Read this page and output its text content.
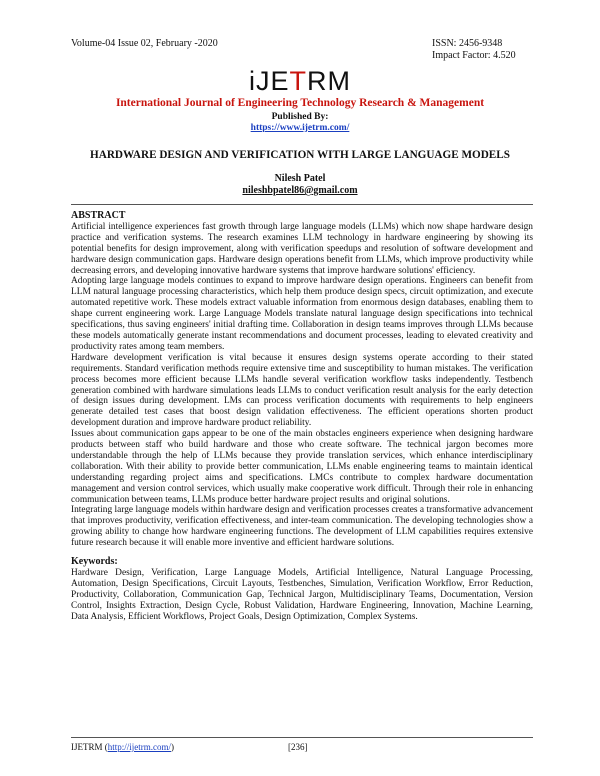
Volume-04 Issue 02, February -2020	ISSN: 2456-9348
Impact Factor: 4.520
iJETRM
International Journal of Engineering Technology Research & Management
Published By:
https://www.ijetrm.com/
HARDWARE DESIGN AND VERIFICATION WITH LARGE LANGUAGE MODELS
Nilesh Patel
nileshbpatel86@gmail.com
ABSTRACT

Artificial intelligence experiences fast growth through large language models (LLMs) which now shape hardware design practice and verification systems. The research examines LLM technology in hardware engineering by showing its potential benefits for design improvement, along with verification speedups and resolution of software development and hardware design communication gaps. Hardware design operations benefit from LLMs, which improve productivity while decreasing errors, and developing innovative hardware systems that improve hardware solutions' efficiency.

Adopting large language models continues to expand to improve hardware design operations. Engineers can benefit from LLM natural language processing characteristics, which help them produce design specs, circuit optimization, and execute automated repetitive work. These models extract valuable information from enormous design databases, enabling them to shape current engineering work. Large Language Models translate natural language design specifications into technical specifications, thus saving engineers' initial drafting time. Collaboration in design teams improves through LLMs because these models automatically generate instant recommendations and document processes, leading to elevated creativity and productivity rates among team members.

Hardware development verification is vital because it ensures design systems operate according to their stated requirements. Standard verification methods require extensive time and susceptibility to human mistakes. The verification process becomes more efficient because LLMs handle several verification workflow tasks independently. Testbench generation combined with hardware simulations leads LLMs to conduct verification result analysis for the early detection of design issues during development. LMs can process verification documents with requirements to help engineers generate detailed test cases that boost design validation effectiveness. The efficient operations shorten product development duration and improve hardware product reliability.

Issues about communication gaps appear to be one of the main obstacles engineers experience when designing hardware products between staff who build hardware and those who create software. The technical jargon becomes more understandable through the help of LLMs because they provide translation services, which enhance interdisciplinary collaboration. With their ability to provide better communication, LLMs enable engineering teams to maintain identical understanding regarding project aims and specifications. LMCs contribute to complex hardware documentation management and version control services, which usually make cooperative work difficult. Through their role in enhancing communication between teams, LLMs produce better hardware project results and original solutions.

Integrating large language models within hardware design and verification processes creates a transformative advancement that improves productivity, verification effectiveness, and inter-team communication. The developing technologies show a growing ability to change how hardware engineering functions. The development of LLM capabilities requires extensive future research because it will enable more inventive and efficient hardware solutions.

Keywords:

Hardware Design, Verification, Large Language Models, Artificial Intelligence, Natural Language Processing, Automation, Design Specifications, Circuit Layouts, Testbenches, Simulation, Verification Workflow, Error Reduction, Productivity, Collaboration, Communication Gap, Technical Jargon, Multidisciplinary Teams, Documentation, Version Control, Insights Extraction, Design Cycle, Robust Validation, Hardware Engineering, Innovation, Machine Learning, Data Analysis, Efficient Workflows, Project Goals, Design Optimization, Complex Systems.

IJETRM (http://ijetrm.com/)	[236]
